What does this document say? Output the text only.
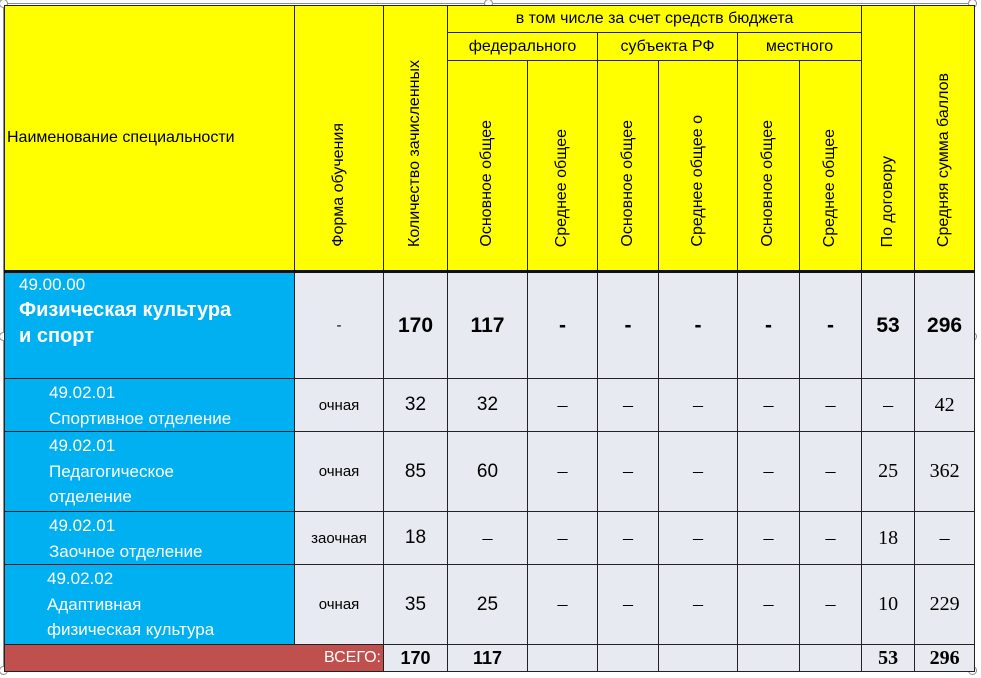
Наименование специальности	Форма обучения	Количество зачисленных	в том числе за счет средств бюджета						По договору	Средняя сумма баллов
			федерального		субъекта РФ		местного			
			Основное общее	Среднее общее	Основное общее	Среднее общее о	Основное общее	Среднее общее		

49.00.00
Физическая культура
и спорт	-	170	117	-	-	-	-	-	53	296

49.02.01
Спортивное отделение	очная	32	32	–	–	–	–	–	–	42

49.02.01
Педагогическое
отделение	очная	85	60	–	–	–	–	–	25	362

49.02.01
Заочное отделение	заочная	18	–	–	–	–	–	–	18	–

49.02.02
Адаптивная
физическая культура	очная	35	25	–	–	–	–	–	10	229
ВСЕГО:		170	117						53	296
